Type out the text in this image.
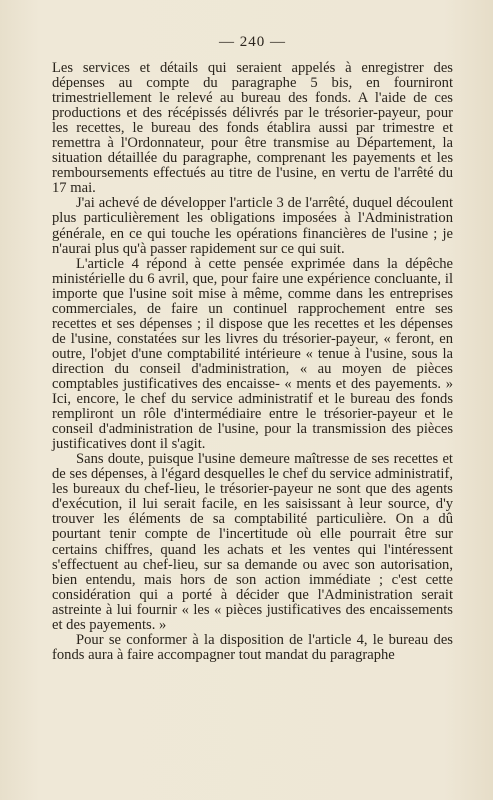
— 240 —

Les services et détails qui seraient appelés à enregistrer des dépenses au compte du paragraphe 5 bis, en fourniront trimestriellement le relevé au bureau des fonds. A l'aide de ces productions et des récépissés délivrés par le trésorier-payeur, pour les recettes, le bureau des fonds établira aussi par trimestre et remettra à l'Ordonnateur, pour être transmise au Département, la situation détaillée du paragraphe, comprenant les payements et les remboursements effectués au titre de l'usine, en vertu de l'arrêté du 17 mai.

J'ai achevé de développer l'article 3 de l'arrêté, duquel découlent plus particulièrement les obligations imposées à l'Administration générale, en ce qui touche les opérations financières de l'usine ; je n'aurai plus qu'à passer rapidement sur ce qui suit.

L'article 4 répond à cette pensée exprimée dans la dépêche ministérielle du 6 avril, que, pour faire une expérience concluante, il importe que l'usine soit mise à même, comme dans les entreprises commerciales, de faire un continuel rapprochement entre ses recettes et ses dépenses ; il dispose que les recettes et les dépenses de l'usine, constatées sur les livres du trésorier-payeur, « feront, en outre, l'objet d'une comptabilité intérieure « tenue à l'usine, sous la direction du conseil d'administration, « au moyen de pièces comptables justificatives des encaisse- « ments et des payements. » Ici, encore, le chef du service administratif et le bureau des fonds rempliront un rôle d'intermédiaire entre le trésorier-payeur et le conseil d'administration de l'usine, pour la transmission des pièces justificatives dont il s'agit.

Sans doute, puisque l'usine demeure maîtresse de ses recettes et de ses dépenses, à l'égard desquelles le chef du service administratif, les bureaux du chef-lieu, le trésorier-payeur ne sont que des agents d'exécution, il lui serait facile, en les saisissant à leur source, d'y trouver les éléments de sa comptabilité particulière. On a dû pourtant tenir compte de l'incertitude où elle pourrait être sur certains chiffres, quand les achats et les ventes qui l'intéressent s'effectuent au chef-lieu, sur sa demande ou avec son autorisation, bien entendu, mais hors de son action immédiate ; c'est cette considération qui a porté à décider que l'Administration serait astreinte à lui fournir « les « pièces justificatives des encaissements et des payements. »

Pour se conformer à la disposition de l'article 4, le bureau des fonds aura à faire accompagner tout mandat du paragraphe
